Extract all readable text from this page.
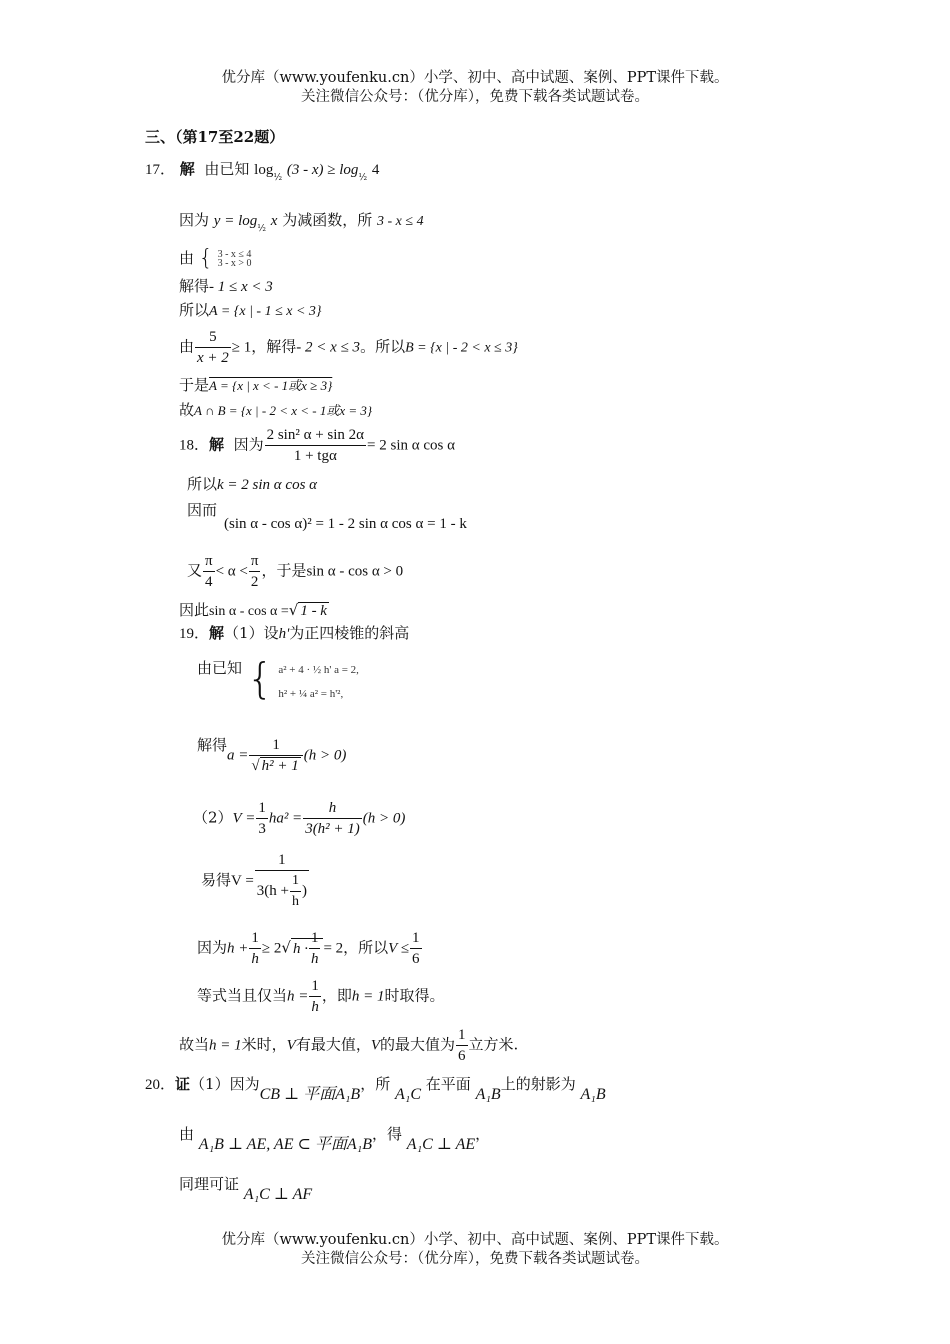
优分库（www.youfenku.cn）小学、初中、高中试题、案例、PPT课件下载。
关注微信公众号：（优分库），免费下载各类试题试卷。
三、（第17至22题）
17． 解 由已知 $\log_{\frac{1}{2}} (3 - x) \ge \log_{\frac{1}{2}} 4$
因为 $y = \log_{\frac{1}{2}} x$ 为减函数，所 3 - x ≤ 4
由 { 3 - x ≤ 4
3 - x > 0
解得- 1 ≤ x < 3
所以A = {x | - 1 ≤ x < 3}
由 $\frac{5}{x + 2} \ge 1$，解得- 2 < x ≤ 3。所以B = {x | - 2 < x ≤ 3}
于是A = {x | x < - 1或x ≥ 3}
故A ∩ B = {x | - 2 < x < - 1或x = 3}
18．解 因为 $\frac{\text{2 sin² α + sin 2α}}{\text{1 + tgα}} = 2$ sin α cos α
所以k = 2 sin α cos α
因而
(sin α - cos α)² = 1 - 2 sin α cos α = 1 - k
又 $\frac{\pi}{4} < \alpha < \frac{\pi}{2}$ ，于是sin α - cos α > 0
因此sin α - cos α =√ 1 - k
19．解（1）设h'为正四棱锥的斜高
由已知 { a² + 4 · ½ h' a = 2,
h² + ¼ a² = h'²,
解得$a = \frac{1}{\text{√ h² + 1}} (h > 0)$
$(2)V = \frac{1}{3} ha^2 = \frac{h}{\text{3(h² + 1)}} (h > 0)$
易得$V = \frac{1}{3(h + \frac{1}{h} )}$
因为$h + \frac{1}{h} \ge 2√$ $h \cdot \frac{1}{h} = 2$，所以$V \le \frac{1}{6}$
等式当且仅当$h = \frac{1}{h}$ ，即h = 1时取得。
故当h = 1米时，V有最大值，V的最大值为 $\frac{1}{6}$ 立方米.
20．证（1）因为CB ⊥ 平面A₁B，所 A₁C 在平面 A₁B上的射影为 A₁B
由 A₁B ⊥ AE, AE ⊂ 平面A₁B，得 A₁C ⊥ AE，
同理可证 A₁C ⊥ AF
优分库（www.youfenku.cn）小学、初中、高中试题、案例、PPT课件下载。
关注微信公众号：（优分库），免费下载各类试题试卷。
